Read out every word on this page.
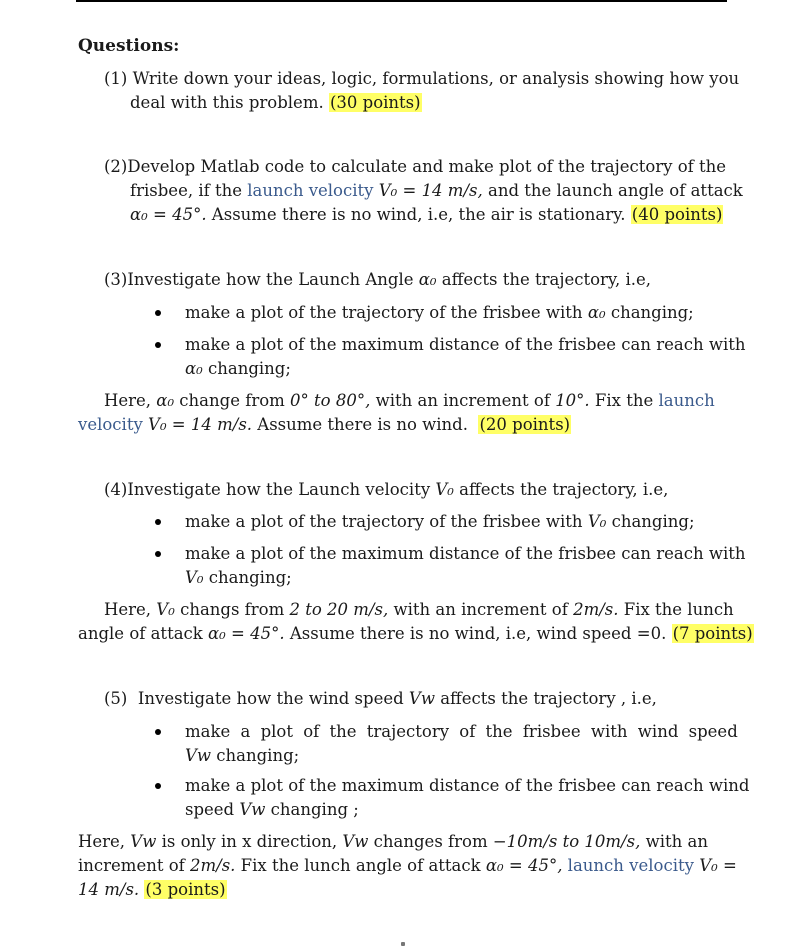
Questions:
(1) Write down your ideas, logic, formulations, or analysis showing how you
deal with this problem. (30 points)
(2)Develop Matlab code to calculate and make plot of the trajectory of the
frisbee, if the launch velocity V₀ = 14 m/s, and the launch angle of attack
α₀ = 45°. Assume there is no wind, i.e, the air is stationary. (40 points)
(3)Investigate how the Launch Angle α₀ affects the trajectory, i.e,
make a plot of the trajectory of the frisbee with α₀ changing;
make a plot of the maximum distance of the frisbee can reach with
α₀ changing;
Here, α₀ change from 0° to 80°, with an increment of 10°. Fix the launch
velocity V₀ = 14 m/s. Assume there is no wind. (20 points)
(4)Investigate how the Launch velocity V₀ affects the trajectory, i.e,
make a plot of the trajectory of the frisbee with V₀ changing;
make a plot of the maximum distance of the frisbee can reach with
V₀ changing;
Here, V₀ changs from 2 to 20 m/s, with an increment of 2m/s. Fix the lunch
angle of attack α₀ = 45°. Assume there is no wind, i.e, wind speed =0. (7 points)
(5) Investigate how the wind speed Vw affects the trajectory , i.e,
make a plot of the trajectory of the frisbee with wind speed
Vw changing;
make a plot of the maximum distance of the frisbee can reach wind
speed Vw changing ;
Here, Vw is only in x direction, Vw changes from −10m/s to 10m/s, with an
increment of 2m/s. Fix the lunch angle of attack α₀ = 45°, launch velocity V₀ =
14 m/s. (3 points)
